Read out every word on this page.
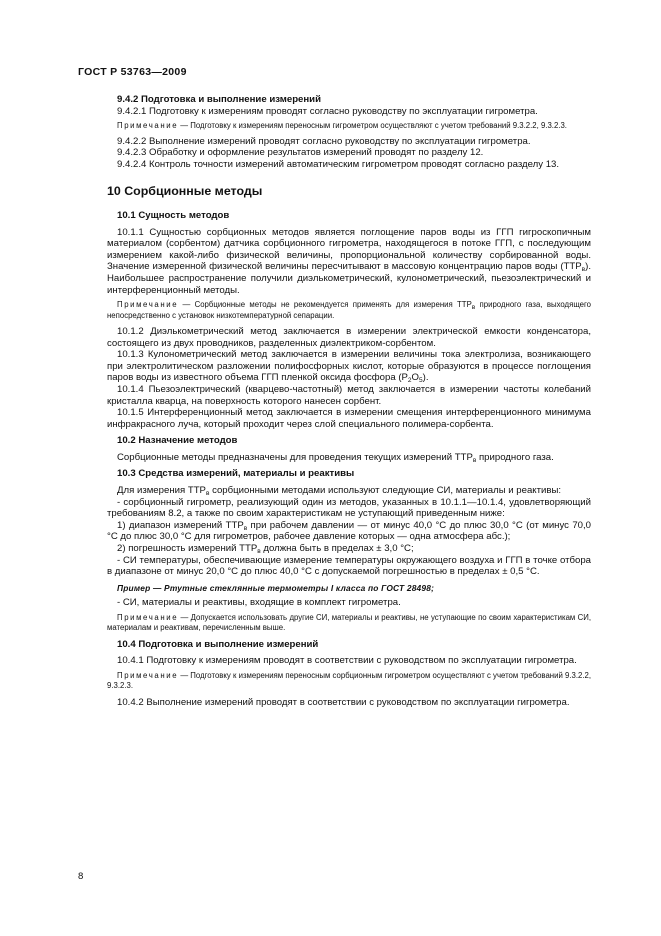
ГОСТ Р 53763—2009

9.4.2 Подготовка и выполнение измерений

9.4.2.1 Подготовку к измерениям проводят согласно руководству по эксплуатации гигрометра.

Примечание — Подготовку к измерениям переносным гигрометром осуществляют с учетом требований 9.3.2.2, 9.3.2.3.

9.4.2.2 Выполнение измерений проводят согласно руководству по эксплуатации гигрометра.

9.4.2.3 Обработку и оформление результатов измерений проводят по разделу 12.

9.4.2.4 Контроль точности измерений автоматическим гигрометром проводят согласно разделу 13.

10 Сорбционные методы

10.1 Сущность методов

10.1.1 Сущностью сорбционных методов является поглощение паров воды из ГГП гигроскопичным материалом (сорбентом) датчика сорбционного гигрометра, находящегося в потоке ГГП, с последующим измерением какой-либо физической величины, пропорциональной количеству сорбированной воды. Значение измеренной физической величины пересчитывают в массовую концентрацию паров воды $(ТТР_в)$. Наибольшее распространение получили диэлькометрический, кулонометрический, пьезоэлектрический и интерференционный методы.

Примечание — Сорбционные методы не рекомендуется применять для измерения $ТТР_в$ природного газа, выходящего непосредственно с установок низкотемпературной сепарации.

10.1.2 Диэлькометрический метод заключается в измерении электрической емкости конденсатора, состоящего из двух проводников, разделенных диэлектриком-сорбентом.

10.1.3 Кулонометрический метод заключается в измерении величины тока электролиза, возникающего при электролитическом разложении полифосфорных кислот, которые образуются в процессе поглощения паров воды из известного объема ГГП пленкой оксида фосфора $(Р_2O_5)$.

10.1.4 Пьезоэлектрический (кварцево-частотный) метод заключается в измерении частоты колебаний кристалла кварца, на поверхность которого нанесен сорбент.

10.1.5 Интерференционный метод заключается в измерении смещения интерференционного минимума инфракрасного луча, который проходит через слой специального полимера-сорбента.

10.2 Назначение методов

Сорбционные методы предназначены для проведения текущих измерений $ТТР_в$ природного газа.

10.3 Средства измерений, материалы и реактивы

Для измерения $ТТР_в$ сорбционными методами используют следующие СИ, материалы и реактивы:

- сорбционный гигрометр, реализующий один из методов, указанных в 10.1.1—10.1.4, удовлетворяющий требованиям 8.2, а также по своим характеристикам не уступающий приведенным ниже:

1) диапазон измерений $ТТР_в$ при рабочем давлении — от минус 40,0 °С до плюс 30,0 °С (от минус 70,0 °С до плюс 30,0 °С для гигрометров, рабочее давление которых — одна атмосфера абс.);

2) погрешность измерений $ТТР_в$ должна быть в пределах ± 3,0 °С;

- СИ температуры, обеспечивающие измерение температуры окружающего воздуха и ГГП в точке отбора в диапазоне от минус 20,0 °С до плюс 40,0 °С с допускаемой погрешностью в пределах ± 0,5 °С.

Пример — Ртутные стеклянные термометры I класса по ГОСТ 28498;

- СИ, материалы и реактивы, входящие в комплект гигрометра.

Примечание — Допускается использовать другие СИ, материалы и реактивы, не уступающие по своим характеристикам СИ, материалам и реактивам, перечисленным выше.

10.4 Подготовка и выполнение измерений

10.4.1 Подготовку к измерениям проводят в соответствии с руководством по эксплуатации гигрометра.

Примечание — Подготовку к измерениям переносным сорбционным гигрометром осуществляют с учетом требований 9.3.2.2, 9.3.2.3.

10.4.2 Выполнение измерений проводят в соответствии с руководством по эксплуатации гигрометра.

8
